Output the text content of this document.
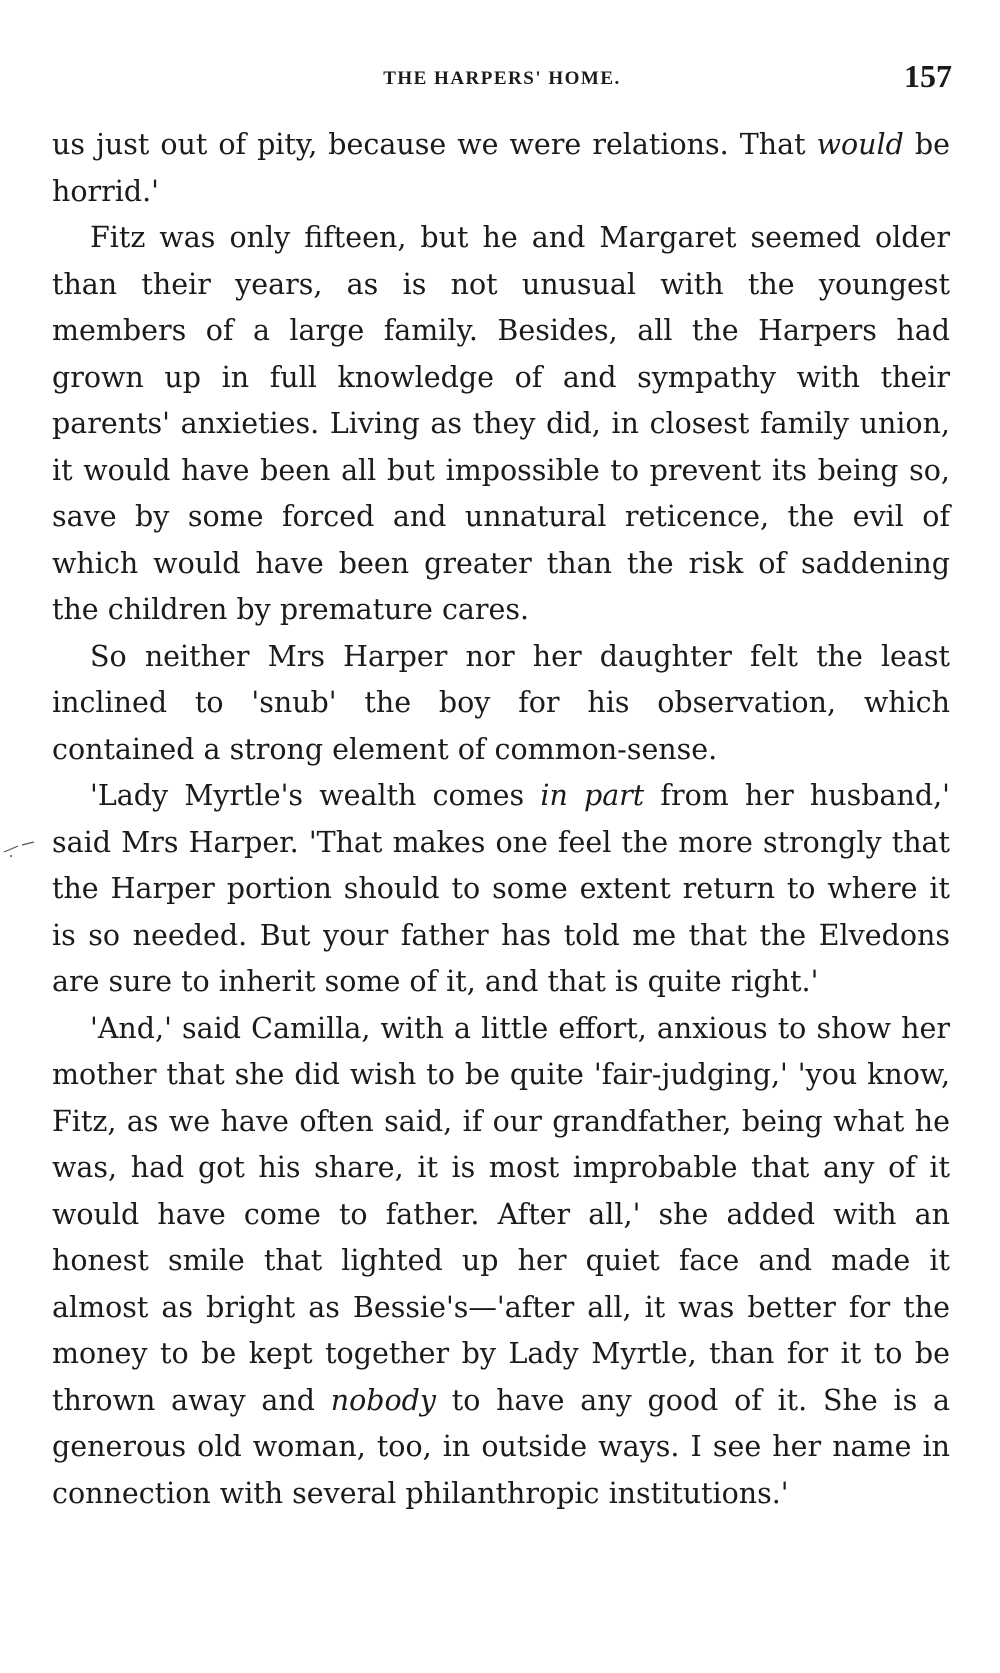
THE HARPERS' HOME.	157

us just out of pity, because we were relations. That would be horrid.'

Fitz was only fifteen, but he and Margaret seemed older than their years, as is not unusual with the youngest members of a large family. Besides, all the Harpers had grown up in full knowledge of and sympathy with their parents' anxieties. Living as they did, in closest family union, it would have been all but impossible to prevent its being so, save by some forced and unnatural reticence, the evil of which would have been greater than the risk of saddening the children by premature cares.

So neither Mrs Harper nor her daughter felt the least inclined to 'snub' the boy for his observation, which contained a strong element of common-sense.

'Lady Myrtle's wealth comes in part from her husband,' said Mrs Harper. 'That makes one feel the more strongly that the Harper portion should to some extent return to where it is so needed. But your father has told me that the Elvedons are sure to inherit some of it, and that is quite right.'

'And,' said Camilla, with a little effort, anxious to show her mother that she did wish to be quite 'fair-judging,' 'you know, Fitz, as we have often said, if our grandfather, being what he was, had got his share, it is most improbable that any of it would have come to father. After all,' she added with an honest smile that lighted up her quiet face and made it almost as bright as Bessie's—'after all, it was better for the money to be kept together by Lady Myrtle, than for it to be thrown away and nobody to have any good of it. She is a generous old woman, too, in outside ways. I see her name in connection with several philanthropic institutions.'
